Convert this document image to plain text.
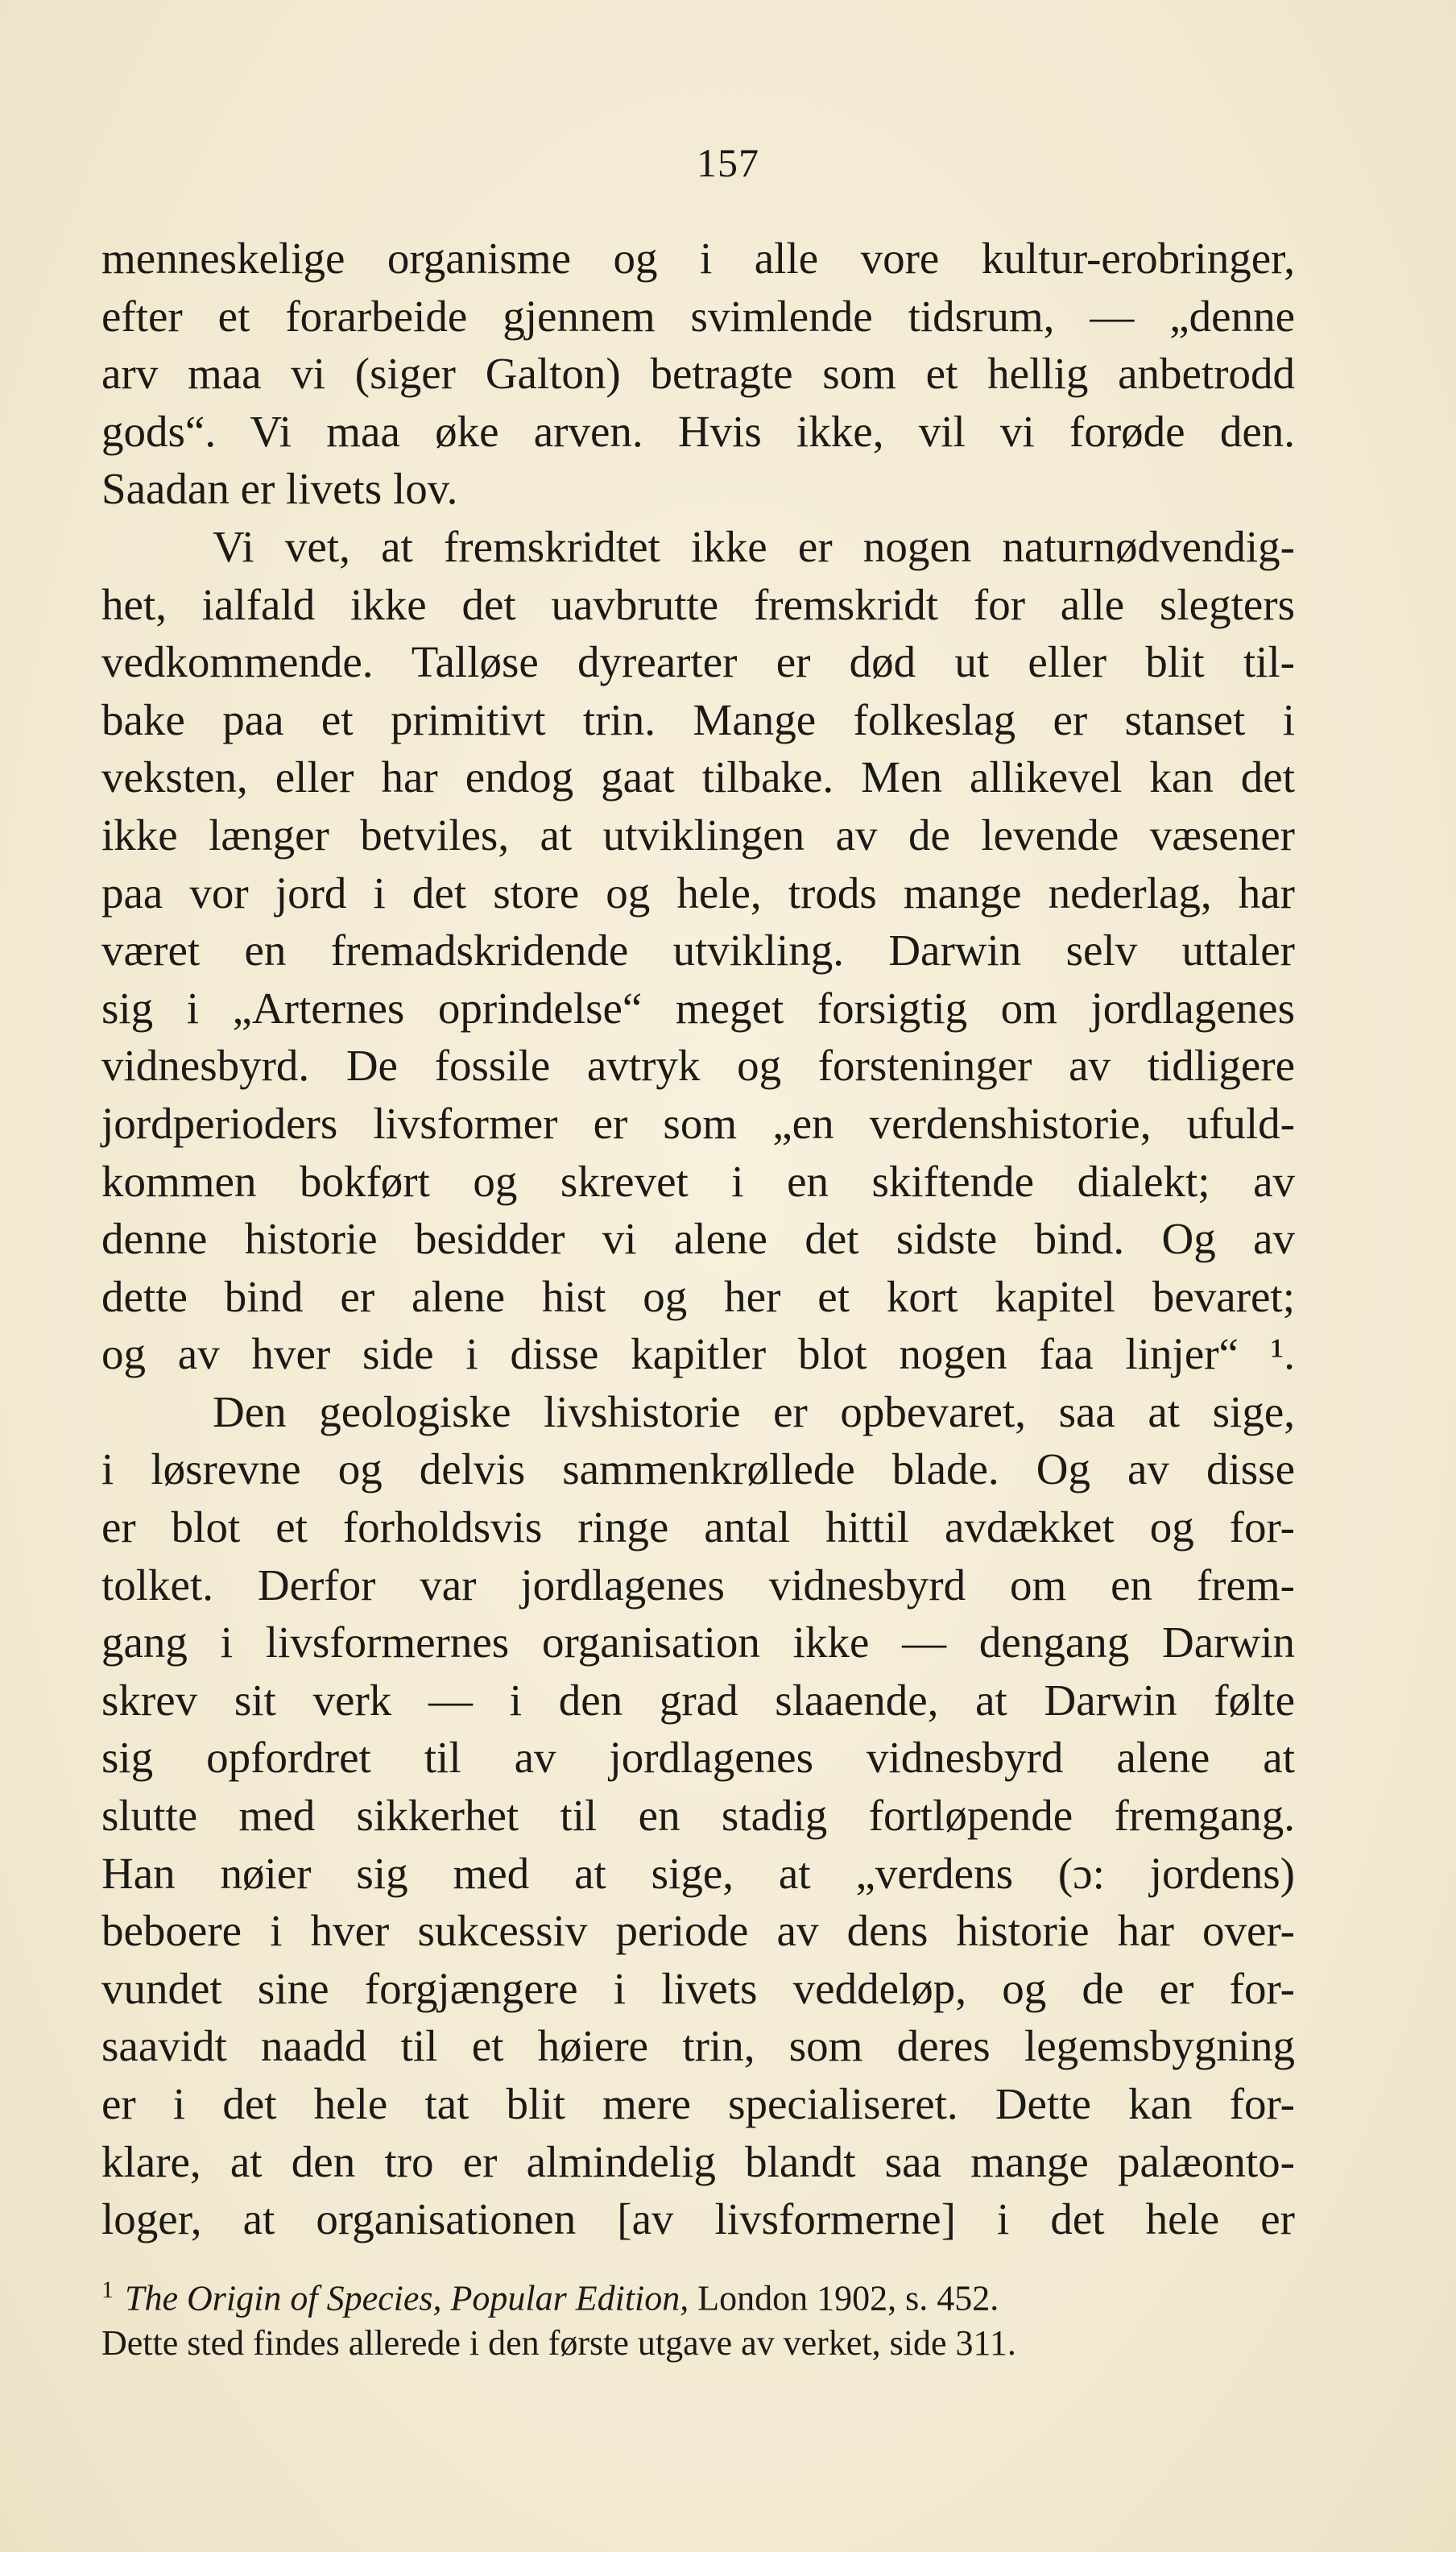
157
menneskelige organisme og i alle vore kultur-erobringer,
efter et forarbeide gjennem svimlende tidsrum, — „denne
arv maa vi (siger Galton) betragte som et hellig anbetrodd
gods“. Vi maa øke arven. Hvis ikke, vil vi forøde den.
Saadan er livets lov.
Vi vet, at fremskridtet ikke er nogen naturnødvendig-
het, ialfald ikke det uavbrutte fremskridt for alle slegters
vedkommende. Talløse dyrearter er død ut eller blit til-
bake paa et primitivt trin. Mange folkeslag er stanset i
veksten, eller har endog gaat tilbake. Men allikevel kan det
ikke længer betviles, at utviklingen av de levende væsener
paa vor jord i det store og hele, trods mange nederlag, har
været en fremadskridende utvikling. Darwin selv uttaler
sig i „Arternes oprindelse“ meget forsigtig om jordlagenes
vidnesbyrd. De fossile avtryk og forsteninger av tidligere
jordperioders livsformer er som „en verdenshistorie, ufuld-
kommen bokført og skrevet i en skiftende dialekt; av
denne historie besidder vi alene det sidste bind. Og av
dette bind er alene hist og her et kort kapitel bevaret;
og av hver side i disse kapitler blot nogen faa linjer“ ¹.
Den geologiske livshistorie er opbevaret, saa at sige,
i løsrevne og delvis sammenkrøllede blade. Og av disse
er blot et forholdsvis ringe antal hittil avdækket og for-
tolket. Derfor var jordlagenes vidnesbyrd om en frem-
gang i livsformernes organisation ikke — dengang Darwin
skrev sit verk — i den grad slaaende, at Darwin følte
sig opfordret til av jordlagenes vidnesbyrd alene at
slutte med sikkerhet til en stadig fortløpende fremgang.
Han nøier sig med at sige, at „verdens (ɔ: jordens)
beboere i hver sukcessiv periode av dens historie har over-
vundet sine forgjængere i livets veddeløp, og de er for-
saavidt naadd til et høiere trin, som deres legemsbygning
er i det hele tat blit mere specialiseret. Dette kan for-
klare, at den tro er almindelig blandt saa mange palæonto-
loger, at organisationen [av livsformerne] i det hele er
$^1$ The Origin of Species, Popular Edition, London 1902, s. 452.
Dette sted findes allerede i den første utgave av verket, side 311.
